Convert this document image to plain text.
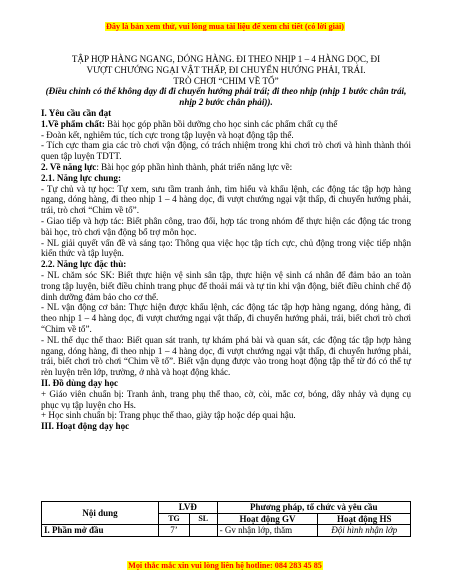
Đây là bản xem thử, vui lòng mua tài liệu để xem chi tiết (có lời giải)
TẬP HỢP HÀNG NGANG, DÓNG HÀNG. ĐI THEO NHỊP 1 – 4 HÀNG DỌC, ĐI
VƯỢT CHƯỚNG NGẠI VẬT THẤP, ĐI CHUYỂN HƯỚNG PHẢI, TRÁI.
TRÒ CHƠI “CHIM VỀ TỔ”

(Điều chỉnh có thể không dạy đi đi chuyển hướng phải trái; đi theo nhịp (nhịp 1 bước chân trái, nhịp 2 bước chân phải)).

I. Yêu cầu cần đạt

1.Về phẩm chất: Bài học góp phần bồi dưỡng cho học sinh các phẩm chất cụ thể

- Đoàn kết, nghiêm túc, tích cực trong tập luyện và hoạt động tập thể.

- Tích cực tham gia các trò chơi vận động, có trách nhiệm trong khi chơi trò chơi và hình thành thói quen tập luyện TDTT.

2. Về năng lực: Bài học góp phần hình thành, phát triển năng lực về:

2.1. Năng lực chung:

- Tự chủ và tự học: Tự xem, sưu tầm tranh ảnh, tìm hiểu và khẩu lệnh, các động tác tập hợp hàng ngang, dóng hàng, đi theo nhịp 1 – 4 hàng dọc, đi vượt chướng ngại vật thấp, đi chuyển hướng phải, trái, trò chơi “Chim về tổ”.

- Giao tiếp và hợp tác: Biết phân công, trao đổi, hợp tác trong nhóm để thực hiện các động tác trong bài học, trò chơi vận động bổ trợ môn học.

- NL giải quyết vấn đề và sáng tạo: Thông qua việc học tập tích cực, chủ động trong việc tiếp nhận kiến thức và tập luyện.

2.2. Năng lực đặc thù:

- NL chăm sóc SK: Biết thực hiện vệ sinh sân tập, thực hiện vệ sinh cá nhân để đảm bảo an toàn trong tập luyện, biết điều chỉnh trang phục để thoải mái và tự tin khi vận động, biết điều chỉnh chế độ dinh dưỡng đảm bảo cho cơ thể.

- NL vận động cơ bản: Thực hiện được khẩu lệnh, các động tác tập hợp hàng ngang, dóng hàng, đi theo nhịp 1 – 4 hàng dọc, đi vượt chướng ngại vật thấp, đi chuyển hướng phải, trái, biết chơi trò chơi “Chim về tổ”.

- NL thể dục thể thao: Biết quan sát tranh, tự khám phá bài và quan sát, các động tác tập hợp hàng ngang, dóng hàng, đi theo nhịp 1 – 4 hàng dọc, đi vượt chướng ngại vật thấp, đi chuyển hướng phải, trái, biết chơi trò chơi “Chim về tổ”. Biết vận dụng được vào trong hoạt động tập thể từ đó có thể tự rèn luyện trên lớp, trường, ở nhà và hoạt động khác.

II. Đồ dùng dạy học

+ Giáo viên chuẩn bị: Tranh ảnh, trang phụ thể thao, cờ, còi, mắc cơ, bóng, dây nhảy và dụng cụ phục vụ tập luyện cho Hs.

+ Học sinh chuẩn bị: Trang phục thể thao, giày tập hoặc dép quai hậu.

III. Hoạt động dạy học

Nội dung	LVĐ		Phương pháp, tổ chức và yêu cầu	
	TG	SL	Hoạt động GV	Hoạt động HS
I. Phần mở đầu	7’		- Gv nhận lớp, thăm	Đội hình nhận lớp
Mọi thắc mắc xin vui lòng liên hệ hotline: 084 283 45 85
